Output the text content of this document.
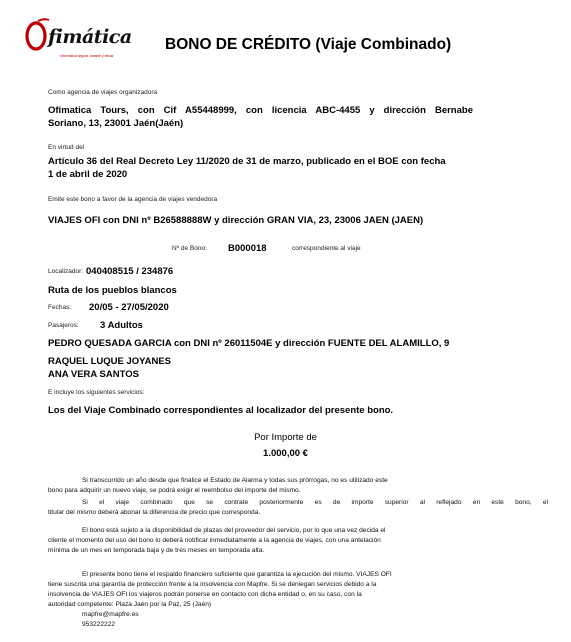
fimática
Informática segura, amable y eficaz
BONO DE CRÉDITO (Viaje Combinado)
Como agencia de viajes organizadora
Ofimatica Tours, con Cif A55448999, con licencia ABC-4455 y dirección Bernabe
Soriano, 13, 23001 Jaén(Jaén)
En virtud del
Artículo 36 del Real Decreto Ley 11/2020 de 31 de marzo, publicado en el BOE con fecha
1 de abril de 2020
Emite este bono a favor de la agencia de viajes vendedora
VIAJES OFI con DNI nº B26588888W y dirección GRAN VIA, 23, 23006 JAEN (JAEN)
Nº de Bono: B000018	correspondiente al viaje
Localizador: 040408515 / 234876
Ruta de los pueblos blancos
Fechas: 20/05 - 27/05/2020
Pasajeros: 3 Adultos
PEDRO QUESADA GARCIA con DNI nº 26011504E y dirección FUENTE DEL ALAMILLO, 9
RAQUEL LUQUE JOYANES
ANA VERA SANTOS
E incluye los siguientes servicios:
Los del Viaje Combinado correspondientes al localizador del presente bono.
Por Importe de
1.000,00 €
Si transcurrido un año desde que finalice el Estado de Alarma y todas sus prórrogas, no es utilizado este
bono para adquirir un nuevo viaje, se podrá exigir el reembolso del importe del mismo.
Si el viaje combinado que se contrate posteriormente es de importe superior al reflejado en este bono, el
titular del mismo deberá abonar la diferencia de precio que corresponda.
El bono está sujeto a la disponibilidad de plazas del proveedor del servicio, por lo que una vez decida el
cliente el momento del uso del bono lo deberá notificar inmediatamente a la agencia de viajes, con una antelación
mínima de un mes en temporada baja y de tres meses en temporada alta.
El presente bono tiene el respaldo financiero suficiente que garantiza la ejecución del mismo. VIAJES OFI
tiene suscrita una garantía de protección frente a la insolvencia con Mapfre. Si se deniegan servicios debido a la
insolvencia de VIAJES OFI los viajeros podrán ponerse en contacto con dicha entidad o, en su caso, con la
autoridad competente: Plaza Jaén por la Paz, 25 (Jaén)
mapfre@mapfre.es
953222222
